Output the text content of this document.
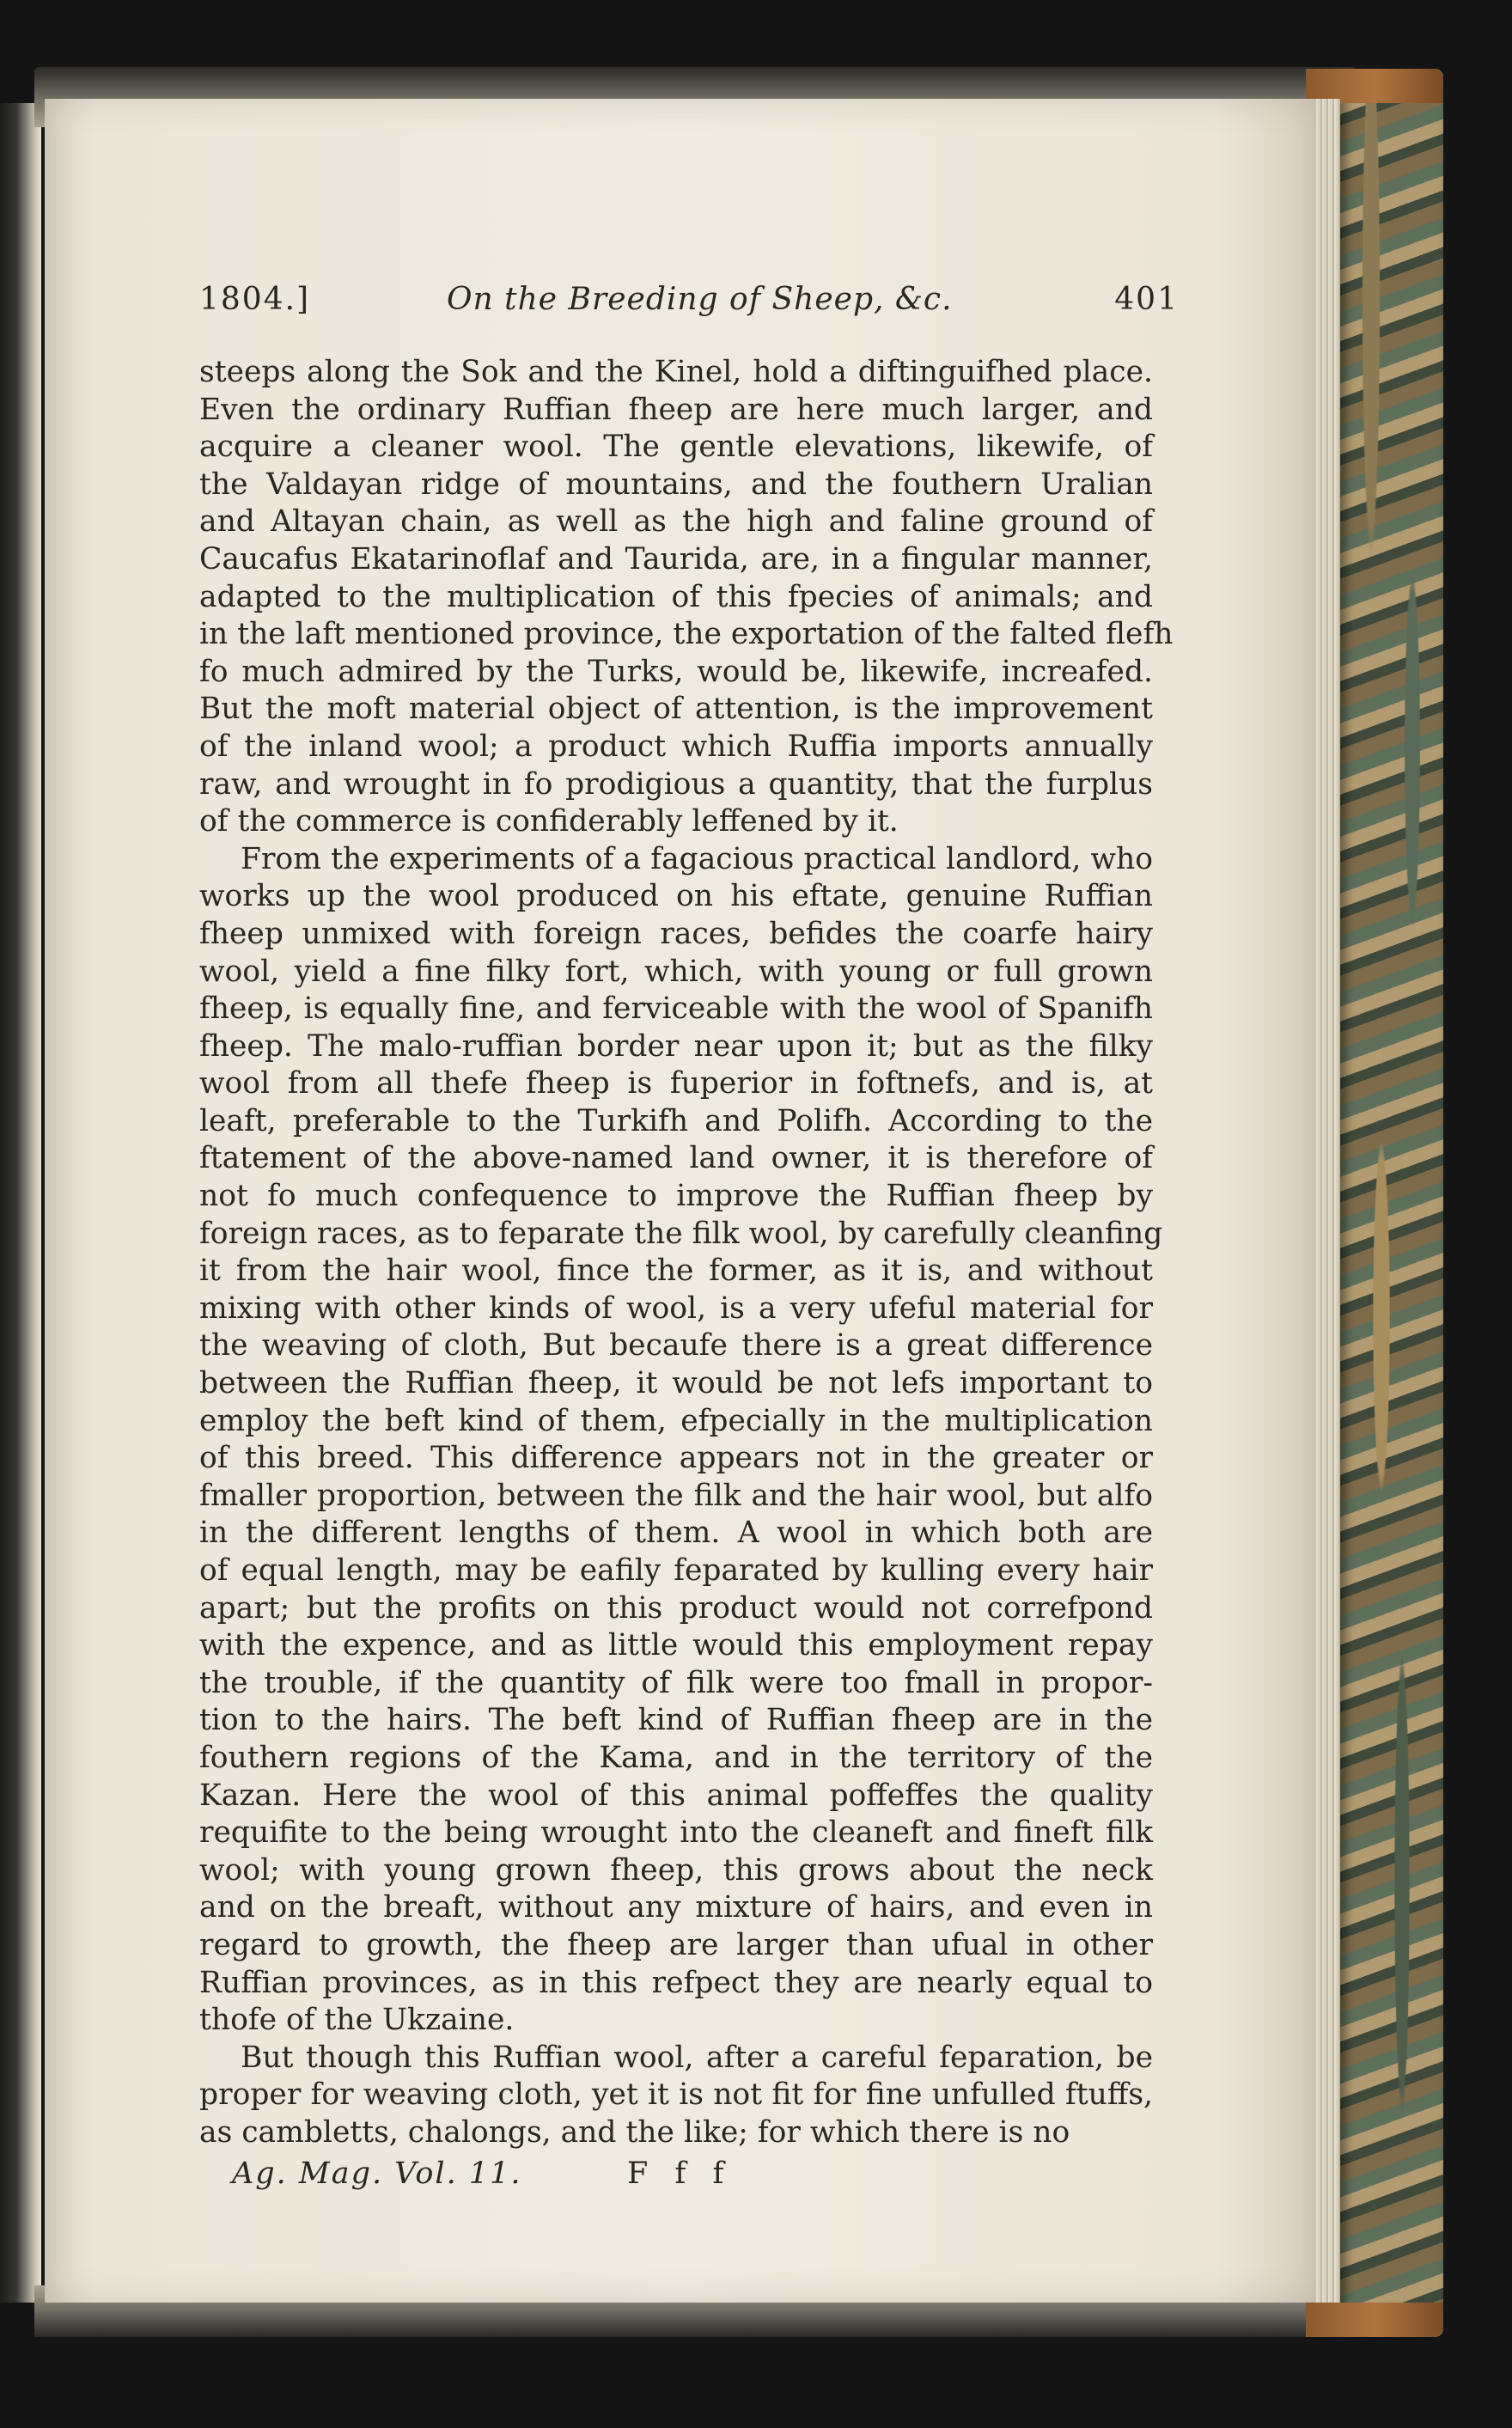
1804.]	On the Breeding of Sheep, &c.	401
steeps along the Sok and the Kinel, hold a diftinguifhed place.
Even the ordinary Ruffian fheep are here much larger, and
acquire a cleaner wool. The gentle elevations, likewife, of
the Valdayan ridge of mountains, and the fouthern Uralian
and Altayan chain, as well as the high and faline ground of
Caucafus Ekatarinoflaf and Taurida, are, in a fingular manner,
adapted to the multiplication of this fpecies of animals; and
in the laft mentioned province, the exportation of the falted flefh
fo much admired by the Turks, would be, likewife, increafed.
But the moft material object of attention, is the improvement
of the inland wool; a product which Ruffia imports annually
raw, and wrought in fo prodigious a quantity, that the furplus
of the commerce is confiderably leffened by it.
From the experiments of a fagacious practical landlord, who
works up the wool produced on his eftate, genuine Ruffian
fheep unmixed with foreign races, befides the coarfe hairy
wool, yield a fine filky fort, which, with young or full grown
fheep, is equally fine, and ferviceable with the wool of Spanifh
fheep. The malo-ruffian border near upon it; but as the filky
wool from all thefe fheep is fuperior in foftnefs, and is, at
leaft, preferable to the Turkifh and Polifh. According to the
ftatement of the above-named land owner, it is therefore of
not fo much confequence to improve the Ruffian fheep by
foreign races, as to feparate the filk wool, by carefully cleanfing
it from the hair wool, fince the former, as it is, and without
mixing with other kinds of wool, is a very ufeful material for
the weaving of cloth, But becaufe there is a great difference
between the Ruffian fheep, it would be not lefs important to
employ the beft kind of them, efpecially in the multiplication
of this breed. This difference appears not in the greater or
fmaller proportion, between the filk and the hair wool, but alfo
in the different lengths of them. A wool in which both are
of equal length, may be eafily feparated by kulling every hair
apart; but the profits on this product would not correfpond
with the expence, and as little would this employment repay
the trouble, if the quantity of filk were too fmall in propor-
tion to the hairs. The beft kind of Ruffian fheep are in the
fouthern regions of the Kama, and in the territory of the
Kazan. Here the wool of this animal poffeffes the quality
requifite to the being wrought into the cleaneft and fineft filk
wool; with young grown fheep, this grows about the neck
and on the breaft, without any mixture of hairs, and even in
regard to growth, the fheep are larger than ufual in other
Ruffian provinces, as in this refpect they are nearly equal to
thofe of the Ukzaine.
But though this Ruffian wool, after a careful feparation, be
proper for weaving cloth, yet it is not fit for fine unfulled ftuffs,
as cambletts, chalongs, and the like; for which there is no
Ag. Mag. Vol. 11.	F f f
